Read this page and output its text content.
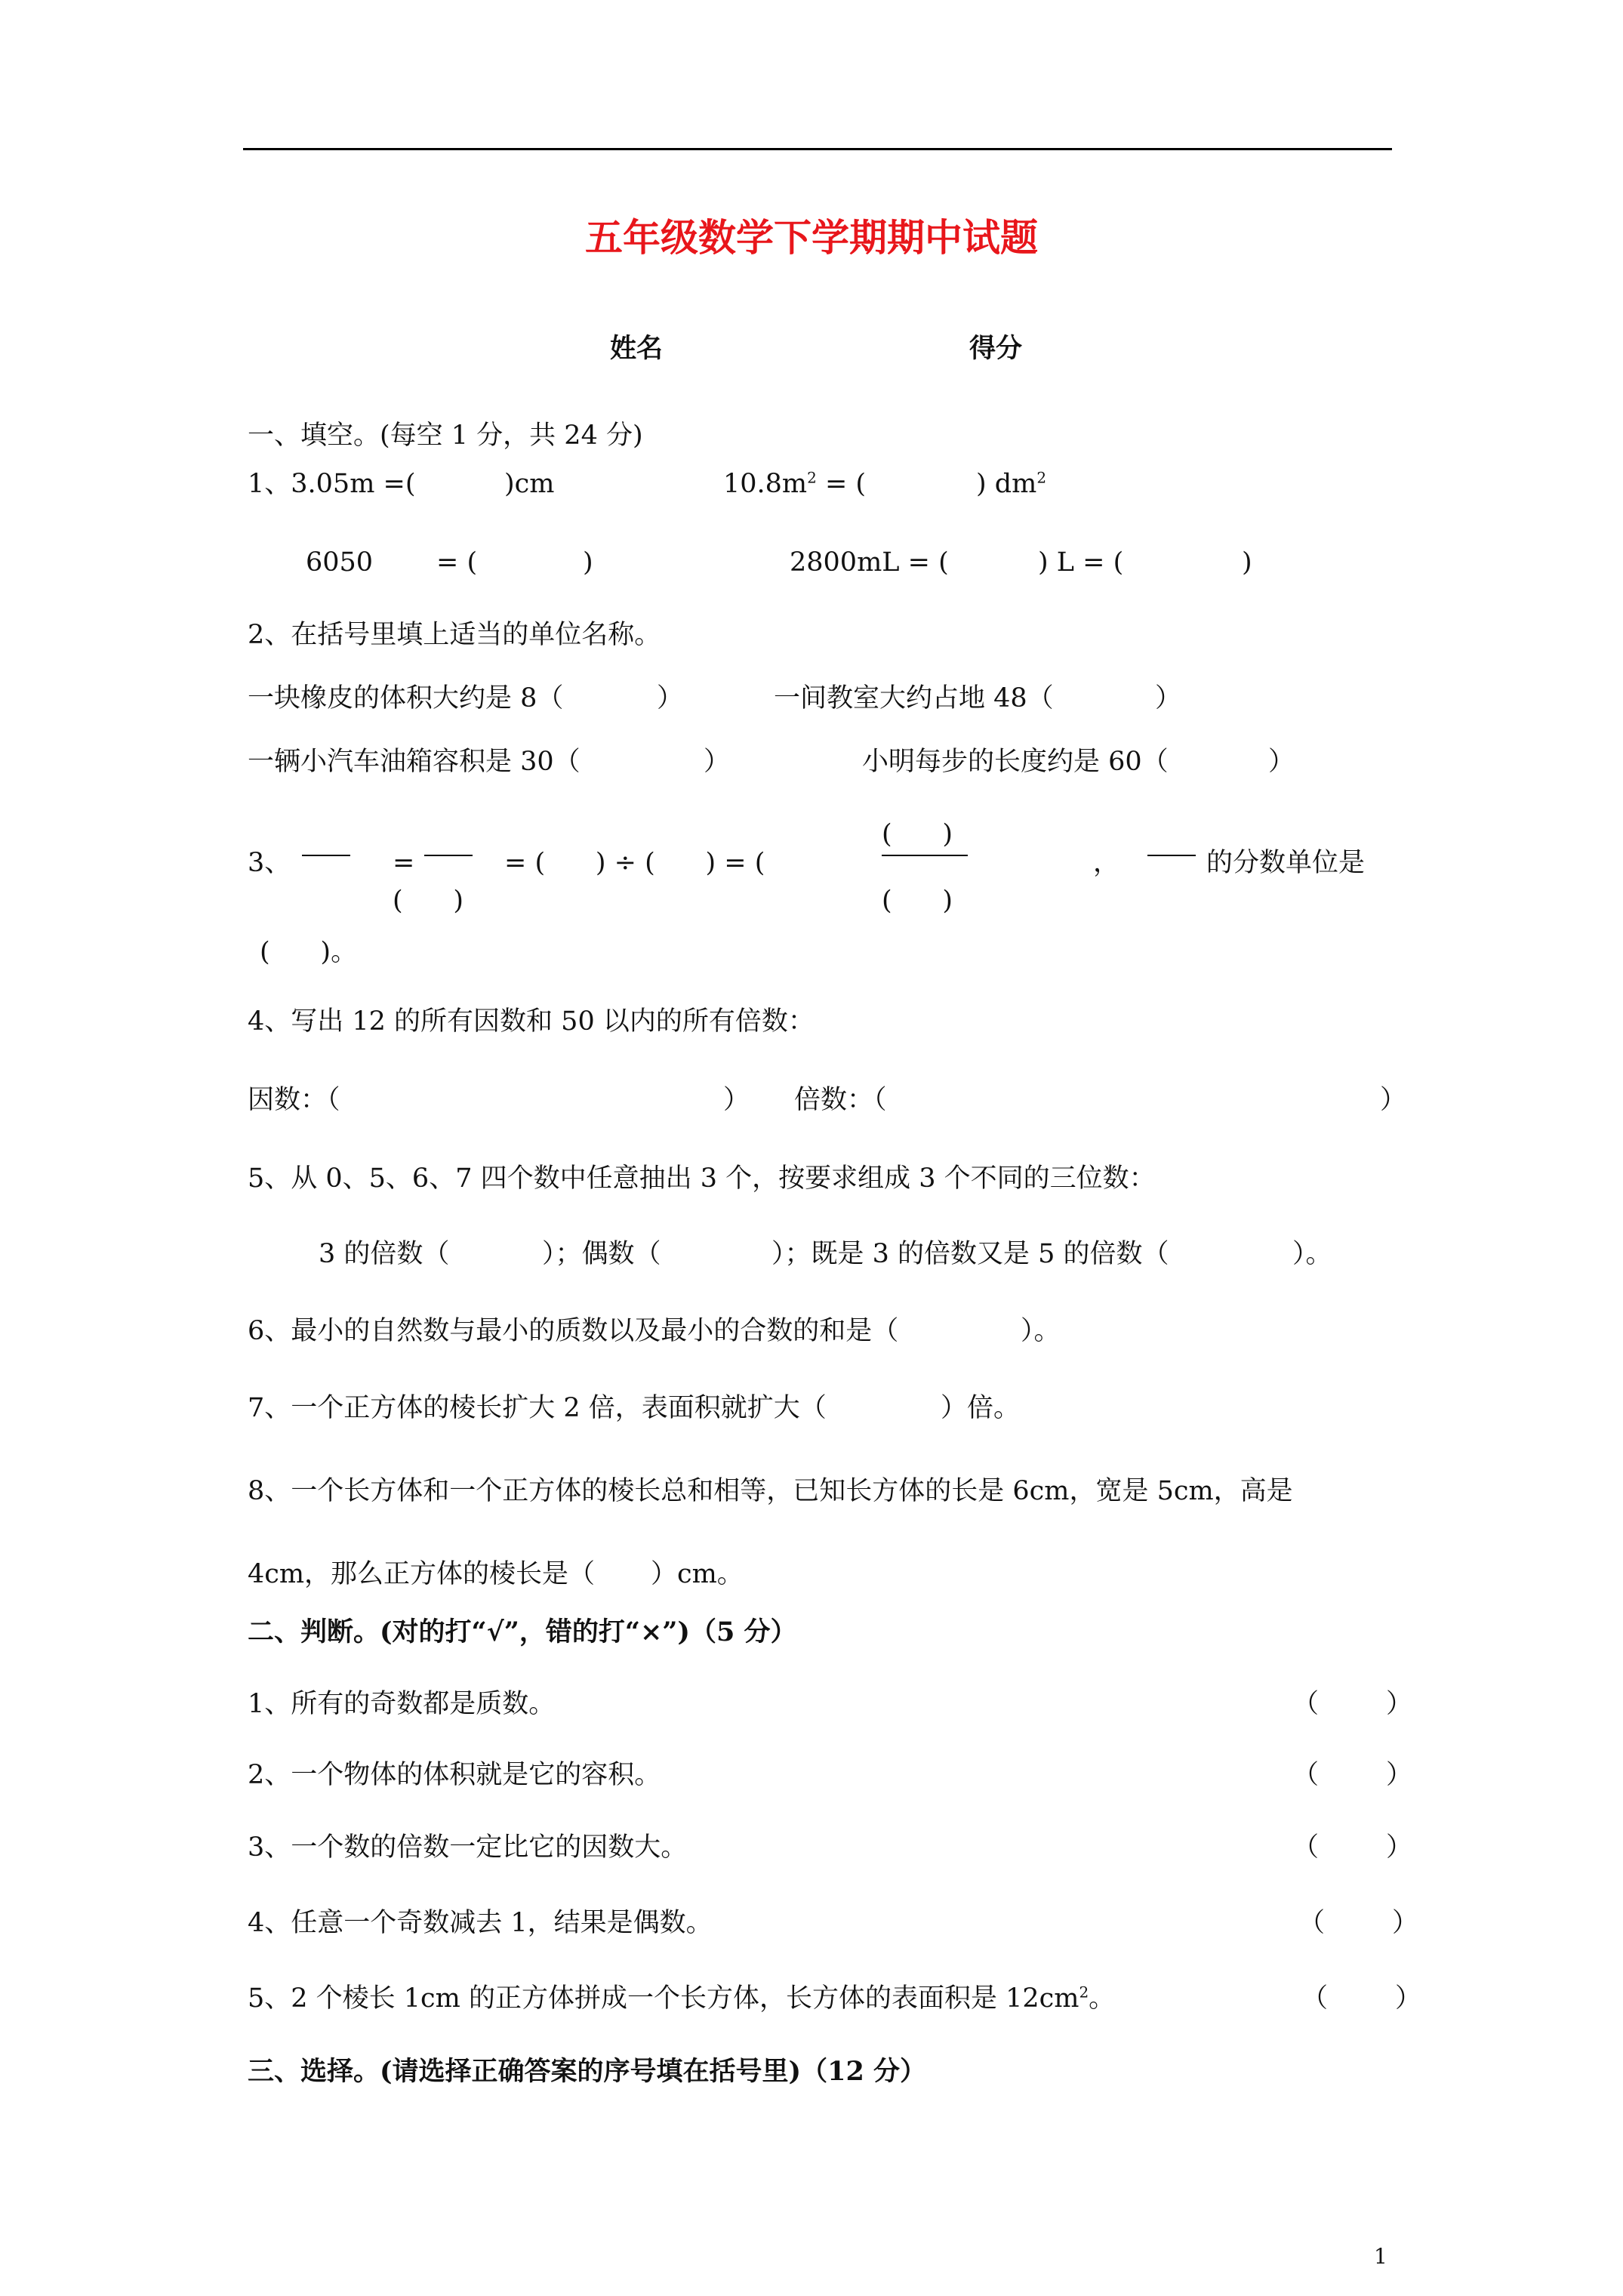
五年级数学下学期期中试题
姓名	得分
一、填空。(每空 1 分，共 24 分)
1、3.05m =(	)cm	$10.8m^2$ = (	) $dm^2$
6050 = (	)	2800mL = (	) L = (	)
2、在括号里填上适当的单位名称。
一块橡皮的体积大约是 8（	）	一间教室大约占地 48（	）
一辆小汽车油箱容积是 30（	）	小明每步的长度约是 60（	）
3、	=
(      )
= (      ) ÷ (      ) = (
(      )
(      )
，	的分数单位是
(      )。
4、写出 12 的所有因数和 50 以内的所有倍数：
因数：（	） 倍数：（	）
5、从 0、5、6、7 四个数中任意抽出 3 个，按要求组成 3 个不同的三位数：
3 的倍数（	）；偶数（	）；既是 3 的倍数又是 5 的倍数（	）。
6、最小的自然数与最小的质数以及最小的合数的和是（	）。
7、一个正方体的棱长扩大 2 倍，表面积就扩大（	）倍。
8、一个长方体和一个正方体的棱长总和相等，已知长方体的长是 6cm，宽是 5cm，高是
4cm，那么正方体的棱长是（ ）cm。
二、判断。(对的打“√”，错的打“×”)（5 分）
1、所有的奇数都是质数。	（        ）
2、一个物体的体积就是它的容积。	（        ）
3、一个数的倍数一定比它的因数大。	（        ）
4、任意一个奇数减去 1，结果是偶数。	（        ）
5、2 个棱长 1cm 的正方体拼成一个长方体，长方体的表面积是 $12cm^2$。	（        ）
三、选择。(请选择正确答案的序号填在括号里)（12 分）
1
